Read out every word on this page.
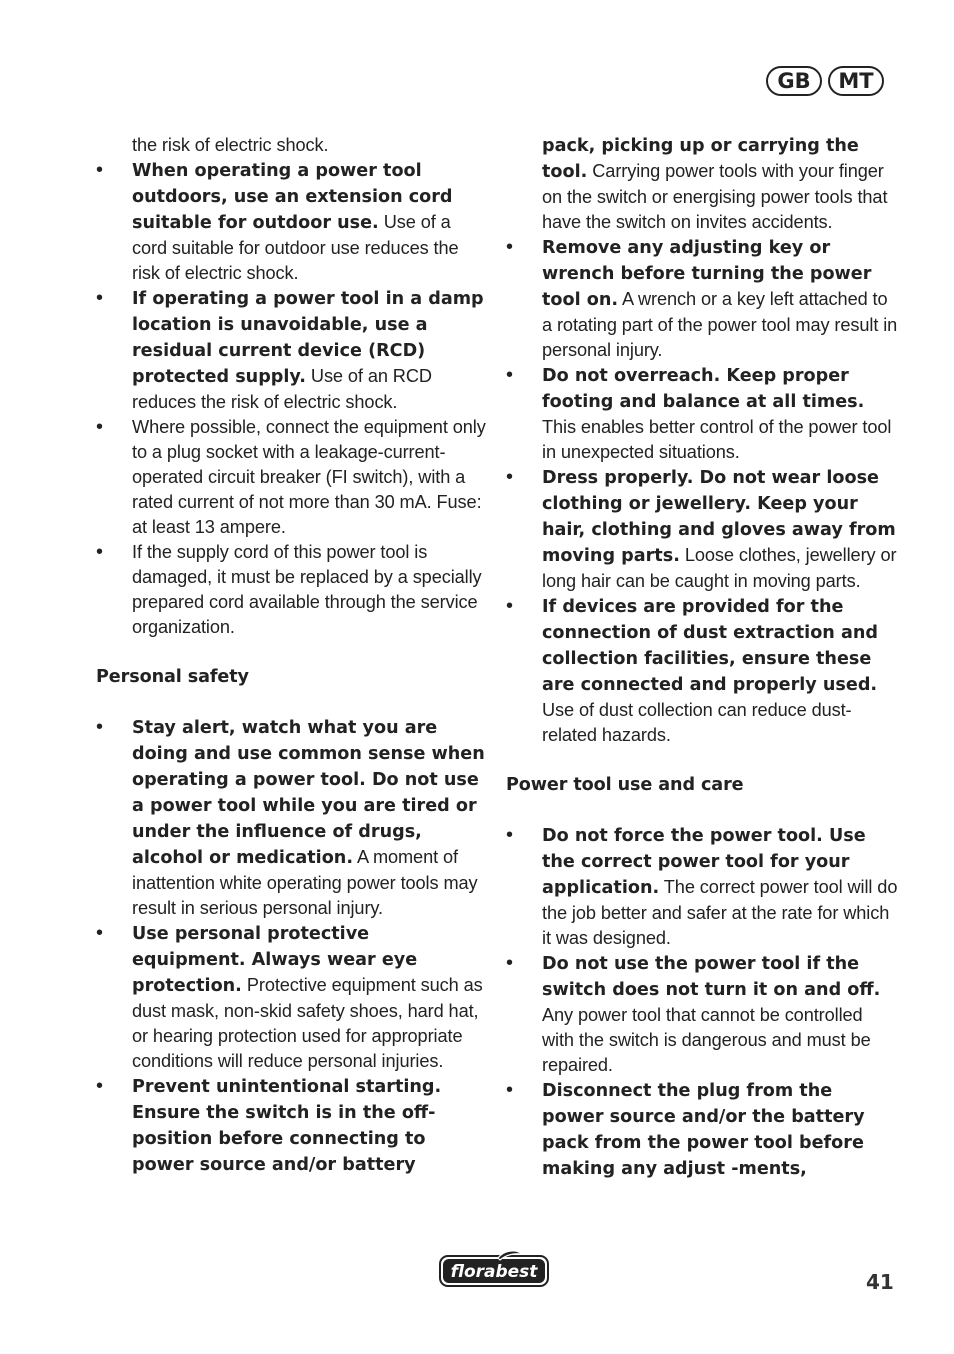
GB	MT
the risk of electric shock.
• When operating a power tool outdoors, use an extension cord suitable for outdoor use. Use of a cord suitable for outdoor use reduces the risk of electric shock.
• If operating a power tool in a damp location is unavoidable, use a residual current device (RCD) protected supply. Use of an RCD reduces the risk of electric shock.
• Where possible, connect the equipment only to a plug socket with a leakage-current-operated circuit breaker (FI switch), with a rated current of not more than 30 mA. Fuse: at least 13 ampere.
• If the supply cord of this power tool is damaged, it must be replaced by a specially prepared cord available through the service organization.
Personal safety
• Stay alert, watch what you are doing and use common sense when operating a power tool. Do not use a power tool while you are tired or under the influence of drugs, alcohol or medication. A moment of inattention white operating power tools may result in serious personal injury.
• Use personal protective equipment. Always wear eye protection. Protective equipment such as dust mask, non-skid safety shoes, hard hat, or hearing protection used for appropriate conditions will reduce personal injuries.
• Prevent unintentional starting. Ensure the switch is in the off-position before connecting to power source and/or battery
pack, picking up or carrying the tool. Carrying power tools with your finger on the switch or energising power tools that have the switch on invites accidents.
• Remove any adjusting key or wrench before turning the power tool on. A wrench or a key left attached to a rotating part of the power tool may result in personal injury.
• Do not overreach. Keep proper footing and balance at all times. This enables better control of the power tool in unexpected situations.
• Dress properly. Do not wear loose clothing or jewellery. Keep your hair, clothing and gloves away from moving parts. Loose clothes, jewellery or long hair can be caught in moving parts.
• If devices are provided for the connection of dust extraction and collection facilities, ensure these are connected and properly used. Use of dust collection can reduce dust-related hazards.
Power tool use and care
• Do not force the power tool. Use the correct power tool for your application. The correct power tool will do the job better and safer at the rate for which it was designed.
• Do not use the power tool if the switch does not turn it on and off. Any power tool that cannot be controlled with the switch is dangerous and must be repaired.
• Disconnect the plug from the power source and/or the battery pack from the power tool before making any adjust -ments,
florabest	41
